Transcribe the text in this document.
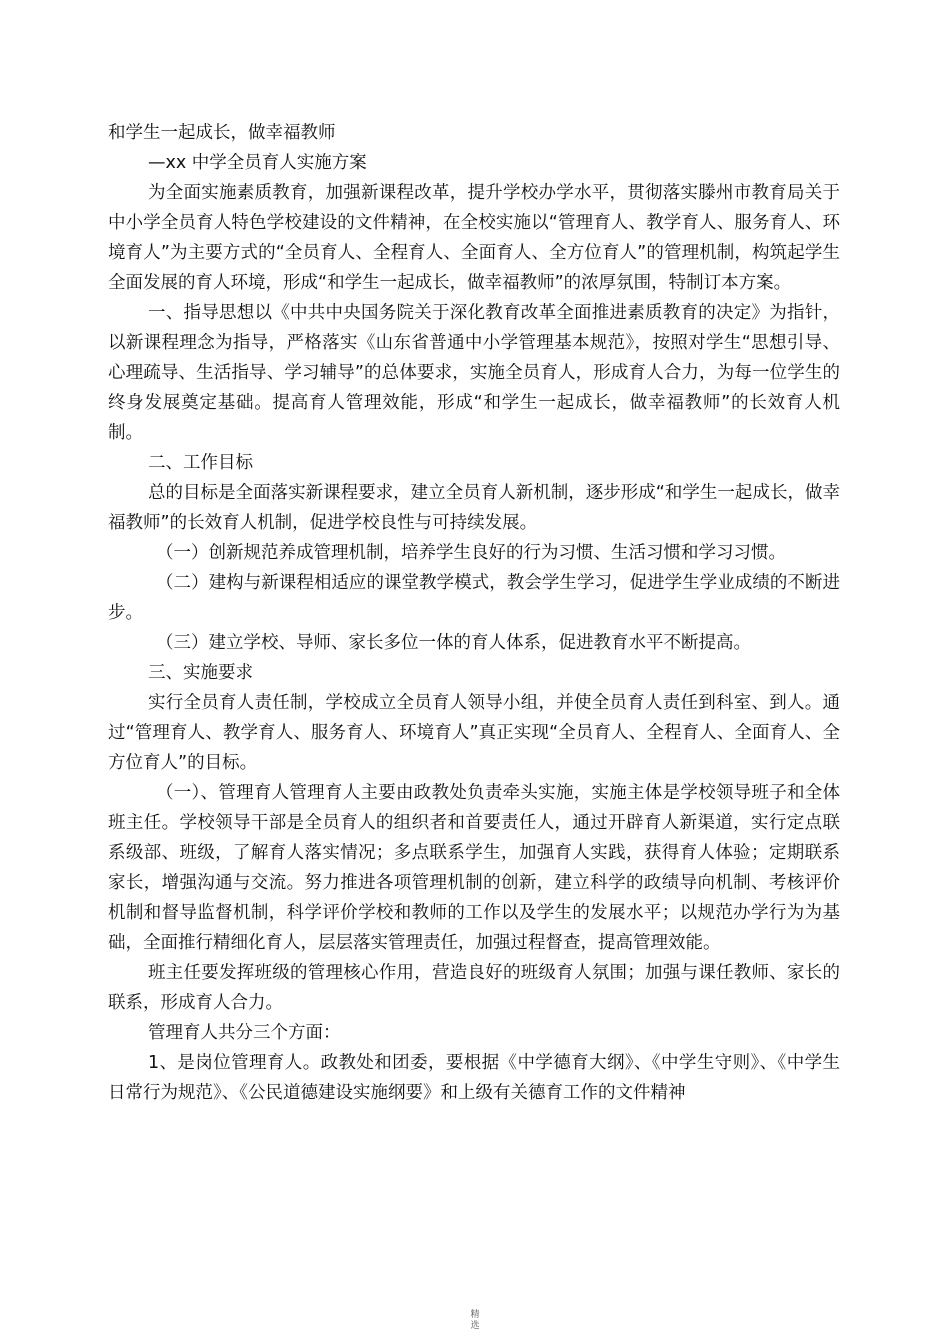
和学生一起成长，做幸福教师

—xx 中学全员育人实施方案

为全面实施素质教育，加强新课程改革，提升学校办学水平，贯彻落实滕州市教育局关于中小学全员育人特色学校建设的文件精神，在全校实施以“管理育人、教学育人、服务育人、环境育人”为主要方式的“全员育人、全程育人、全面育人、全方位育人”的管理机制，构筑起学生全面发展的育人环境，形成“和学生一起成长，做幸福教师”的浓厚氛围，特制订本方案。

一、指导思想以《中共中央国务院关于深化教育改革全面推进素质教育的决定》为指针，以新课程理念为指导，严格落实《山东省普通中小学管理基本规范》，按照对学生“思想引导、心理疏导、生活指导、学习辅导”的总体要求，实施全员育人，形成育人合力，为每一位学生的终身发展奠定基础。提高育人管理效能，形成“和学生一起成长，做幸福教师”的长效育人机制。

二、工作目标

总的目标是全面落实新课程要求，建立全员育人新机制，逐步形成“和学生一起成长，做幸福教师”的长效育人机制，促进学校良性与可持续发展。

（一）创新规范养成管理机制，培养学生良好的行为习惯、生活习惯和学习习惯。

（二）建构与新课程相适应的课堂教学模式，教会学生学习，促进学生学业成绩的不断进步。

（三）建立学校、导师、家长多位一体的育人体系，促进教育水平不断提高。

三、实施要求

实行全员育人责任制，学校成立全员育人领导小组，并使全员育人责任到科室、到人。通过“管理育人、教学育人、服务育人、环境育人”真正实现“全员育人、全程育人、全面育人、全方位育人”的目标。

（一）、管理育人管理育人主要由政教处负责牵头实施，实施主体是学校领导班子和全体班主任。学校领导干部是全员育人的组织者和首要责任人，通过开辟育人新渠道，实行定点联系级部、班级，了解育人落实情况；多点联系学生，加强育人实践，获得育人体验；定期联系家长，增强沟通与交流。努力推进各项管理机制的创新，建立科学的政绩导向机制、考核评价机制和督导监督机制，科学评价学校和教师的工作以及学生的发展水平；以规范办学行为为基础，全面推行精细化育人，层层落实管理责任，加强过程督查，提高管理效能。

班主任要发挥班级的管理核心作用，营造良好的班级育人氛围；加强与课任教师、家长的联系，形成育人合力。

管理育人共分三个方面：

1、是岗位管理育人。政教处和团委，要根据《中学德育大纲》、《中学生守则》、《中学生日常行为规范》、《公民道德建设实施纲要》和上级有关德育工作的文件精神

精
选
